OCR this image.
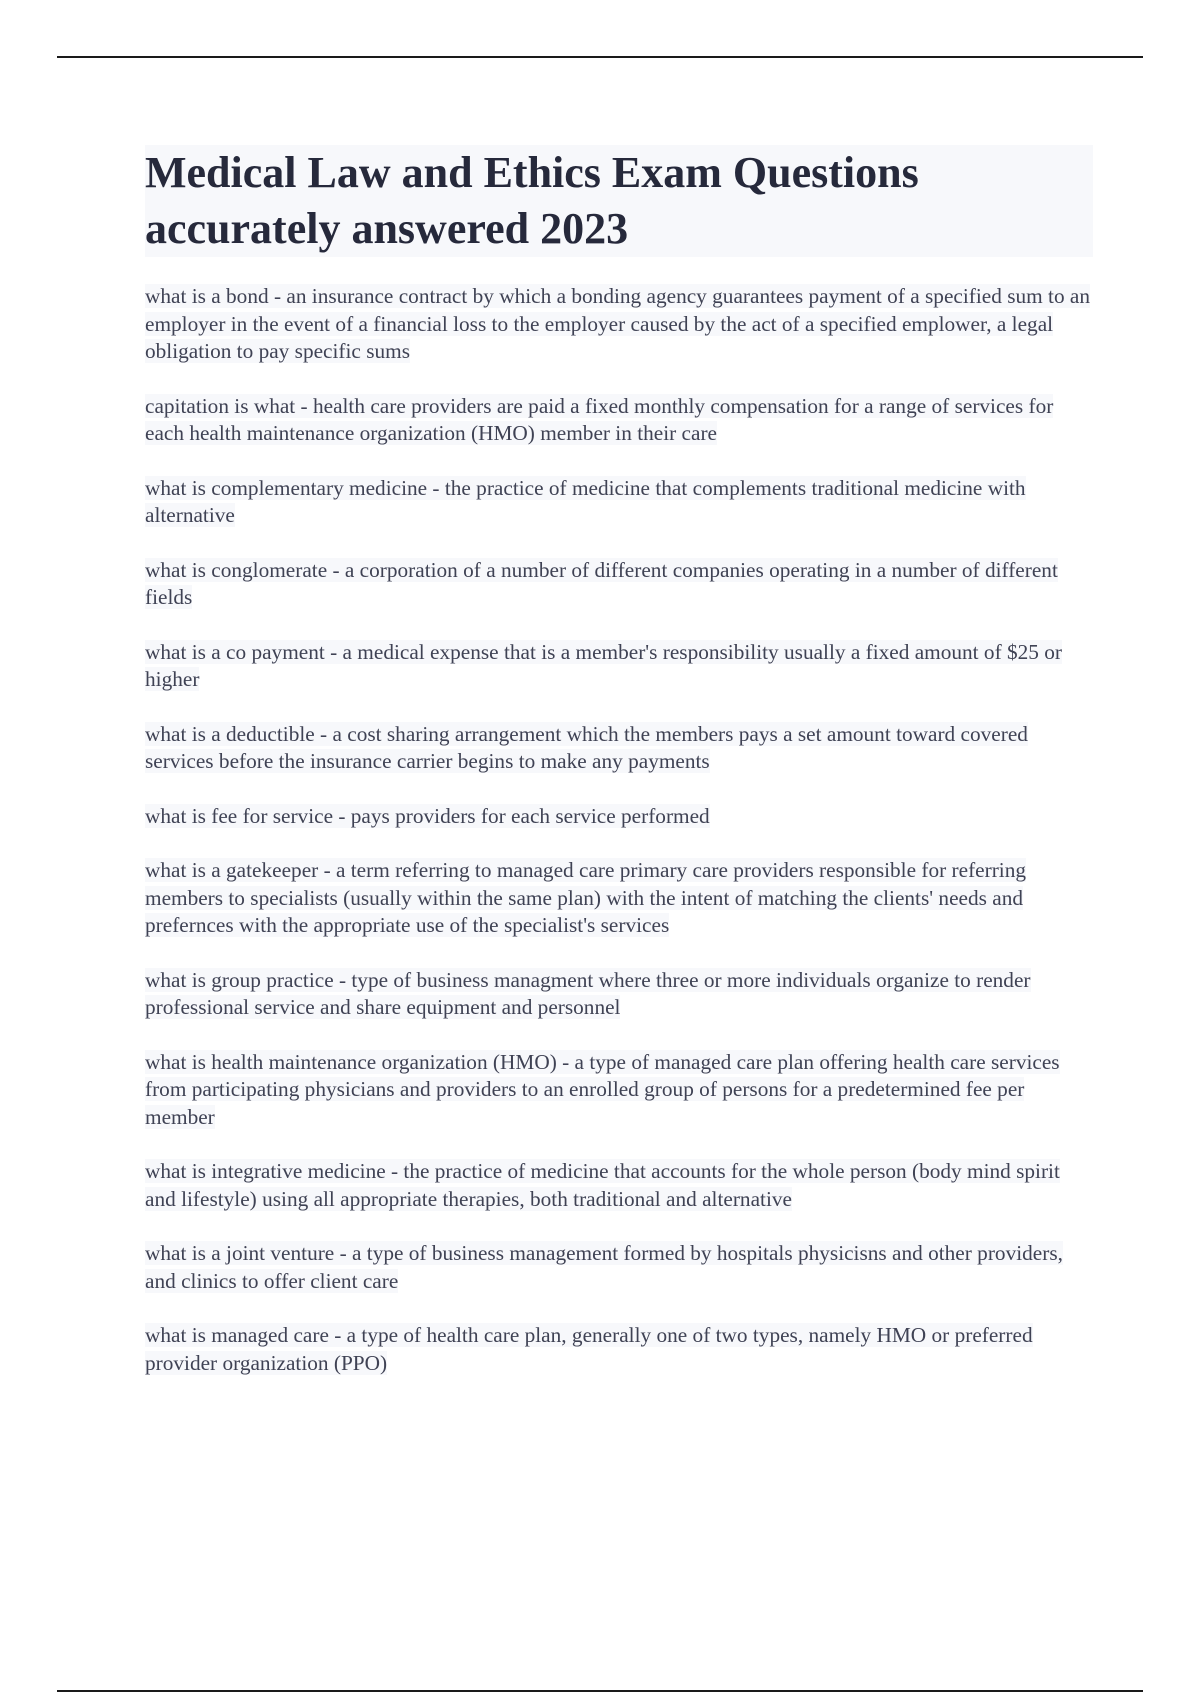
Medical Law and Ethics Exam Questions accurately answered 2023
what is a bond - an insurance contract by which a bonding agency guarantees payment of a specified sum to an employer in the event of a financial loss to the employer caused by the act of a specified emplower, a legal obligation to pay specific sums
capitation is what - health care providers are paid a fixed monthly compensation for a range of services for each health maintenance organization (HMO) member in their care
what is complementary medicine - the practice of medicine that complements traditional medicine with alternative
what is conglomerate - a corporation of a number of different companies operating in a number of different fields
what is a co payment - a medical expense that is a member's responsibility usually a fixed amount of $25 or higher
what is a deductible - a cost sharing arrangement which the members pays a set amount toward covered services before the insurance carrier begins to make any payments
what is fee for service - pays providers for each service performed
what is a gatekeeper - a term referring to managed care primary care providers responsible for referring members to specialists (usually within the same plan) with the intent of matching the clients' needs and prefernces with the appropriate use of the specialist's services
what is group practice - type of business managment where three or more individuals organize to render professional service and share equipment and personnel
what is health maintenance organization (HMO) - a type of managed care plan offering health care services from participating physicians and providers to an enrolled group of persons for a predetermined fee per member
what is integrative medicine - the practice of medicine that accounts for the whole person (body mind spirit and lifestyle) using all appropriate therapies, both traditional and alternative
what is a joint venture - a type of business management formed by hospitals physicisns and other providers, and clinics to offer client care
what is managed care - a type of health care plan, generally one of two types, namely HMO or preferred provider organization (PPO)
